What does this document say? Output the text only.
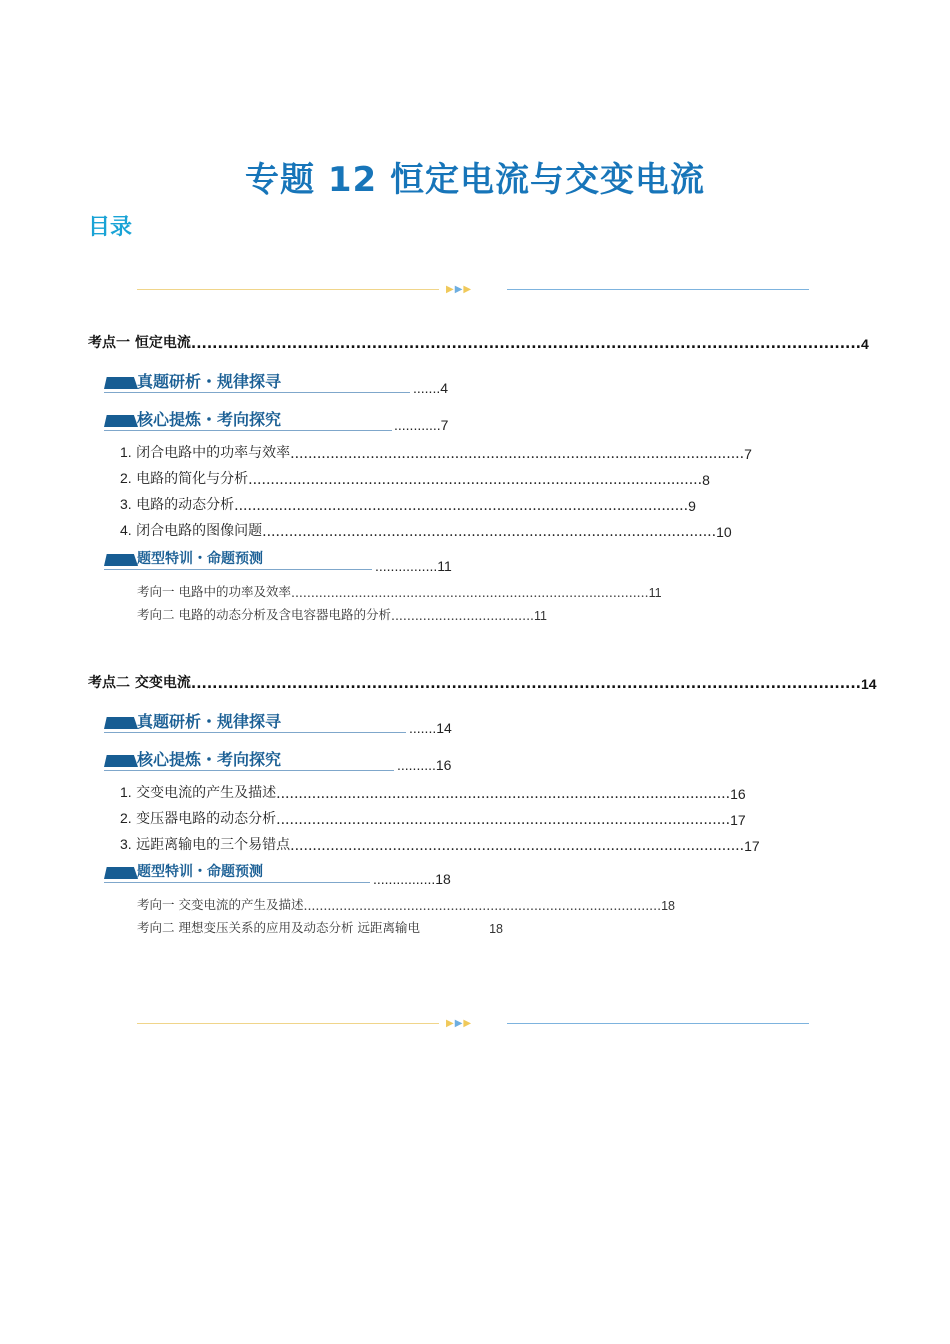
专题 12 恒定电流与交变电流
目录
▶▶▶
考点一 恒定电流 .............................................................................................................................. 4
真题研析・规律探寻	.......4
核心提炼・考向探究	............7
1. 闭合电路中的功率与效率 ...................................................................................................... 7
2. 电路的简化与分析 ...................................................................................................... 8
3. 电路的动态分析 ...................................................................................................... 9
4. 闭合电路的图像问题 ...................................................................................................... 10
题型特训・命题预测	................11
考向一 电路中的功率及效率 .......................................................................................... 11
考向二 电路的动态分析及含电容器电路的分析 .................................... 11
考点二 交变电流 .............................................................................................................................. 14
真题研析・规律探寻	.......14
核心提炼・考向探究	..........16
1. 交变电流的产生及描述 ...................................................................................................... 16
2. 变压器电路的动态分析 ...................................................................................................... 17
3. 远距离输电的三个易错点 ...................................................................................................... 17
题型特训・命题预测	................18
考向一 交变电流的产生及描述 .......................................................................................... 18
考向二 理想变压关系的应用及动态分析 远距离输电	18
▶▶▶
